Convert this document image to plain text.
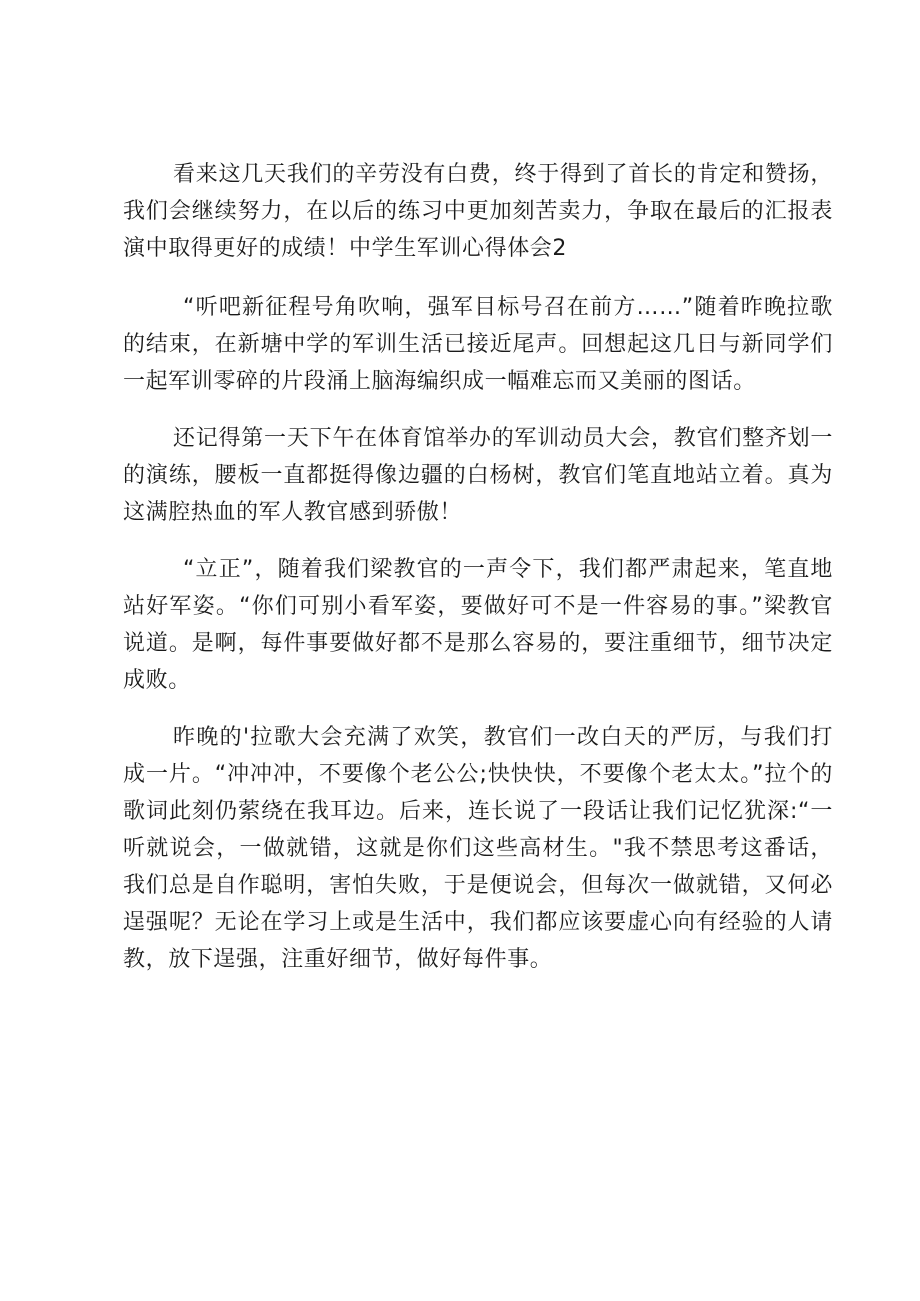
看来这几天我们的辛劳没有白费，终于得到了首长的肯定和赞扬，我们会继续努力，在以后的练习中更加刻苦卖力，争取在最后的汇报表演中取得更好的成绩！中学生军训心得体会2

“听吧新征程号角吹响，强军目标号召在前方……”随着昨晚拉歌的结束，在新塘中学的军训生活已接近尾声。回想起这几日与新同学们一起军训零碎的片段涌上脑海编织成一幅难忘而又美丽的图话。

还记得第一天下午在体育馆举办的军训动员大会，教官们整齐划一的演练，腰板一直都挺得像边疆的白杨树，教官们笔直地站立着。真为这满腔热血的军人教官感到骄傲！

“立正”，随着我们梁教官的一声令下，我们都严肃起来，笔直地站好军姿。“你们可别小看军姿，要做好可不是一件容易的事。”梁教官说道。是啊，每件事要做好都不是那么容易的，要注重细节，细节决定成败。

昨晚的'拉歌大会充满了欢笑，教官们一改白天的严厉，与我们打成一片。“冲冲冲，不要像个老公公;快快快，不要像个老太太。”拉个的歌词此刻仍萦绕在我耳边。后来，连长说了一段话让我们记忆犹深:“一听就说会，一做就错，这就是你们这些高材生。"我不禁思考这番话，我们总是自作聪明，害怕失败，于是便说会，但每次一做就错，又何必逞强呢？无论在学习上或是生活中，我们都应该要虚心向有经验的人请教，放下逞强，注重好细节，做好每件事。
